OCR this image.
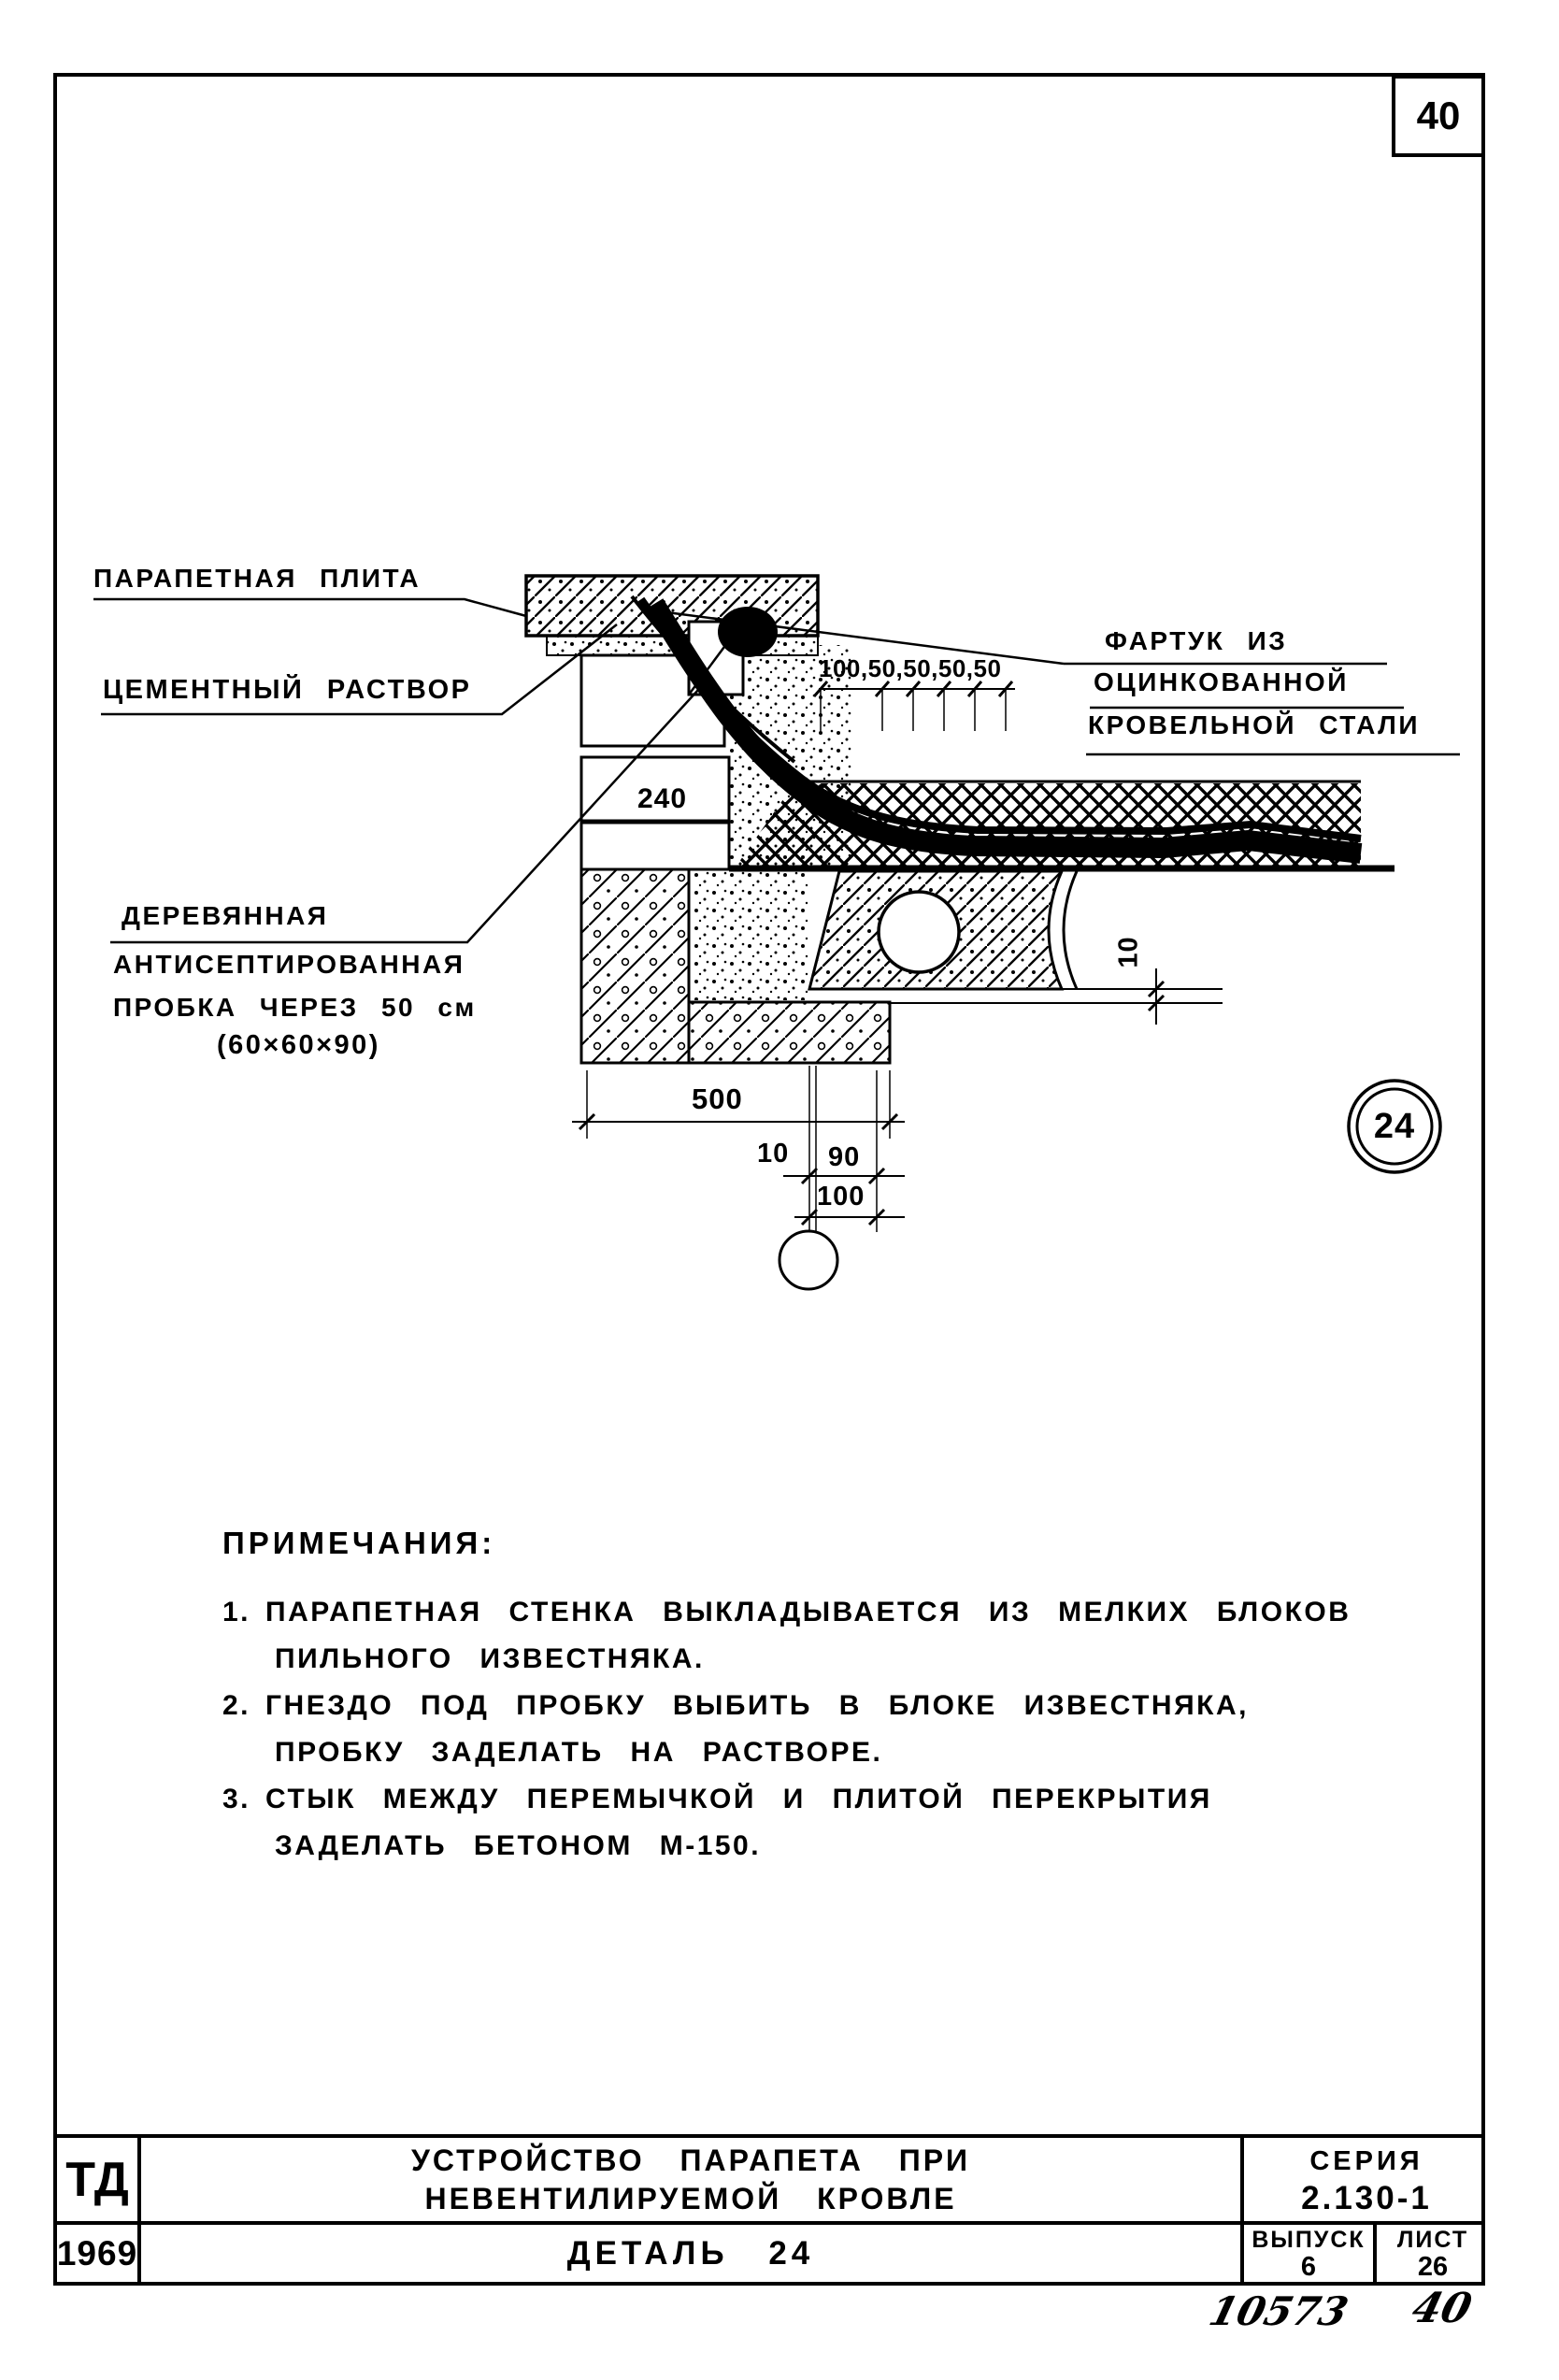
40
ПАРАПЕТНАЯ ПЛИТА
ЦЕМЕНТНЫЙ РАСТВОР
ДЕРЕВЯННАЯ
АНТИСЕПТИРОВАННАЯ
ПРОБКА ЧЕРЕЗ 50 см
(60×60×90)
ФАРТУК ИЗ
ОЦИНКОВАННОЙ
КРОВЕЛЬНОЙ СТАЛИ
100,50,50,50,50
240
500
10 90
100
10
24
ПРИМЕЧАНИЯ:
1. ПАРАПЕТНАЯ СТЕНКА ВЫКЛАДЫВАЕТСЯ ИЗ МЕЛКИХ БЛОКОВ ПИЛЬНОГО ИЗВЕСТНЯКА.
2. ГНЕЗДО ПОД ПРОБКУ ВЫБИТЬ В БЛОКЕ ИЗВЕСТНЯКА, ПРОБКУ ЗАДЕЛАТЬ НА РАСТВОРЕ.
3. СТЫК МЕЖДУ ПЕРЕМЫЧКОЙ И ПЛИТОЙ ПЕРЕКРЫТИЯ ЗАДЕЛАТЬ БЕТОНОМ М-150.
ТД
1969
УСТРОЙСТВО ПАРАПЕТА ПРИ
НЕВЕНТИЛИРУЕМОЙ КРОВЛЕ
ДЕТАЛЬ 24
СЕРИЯ
2.130-1
ВЫПУСК
6
ЛИСТ
26
10573 40
